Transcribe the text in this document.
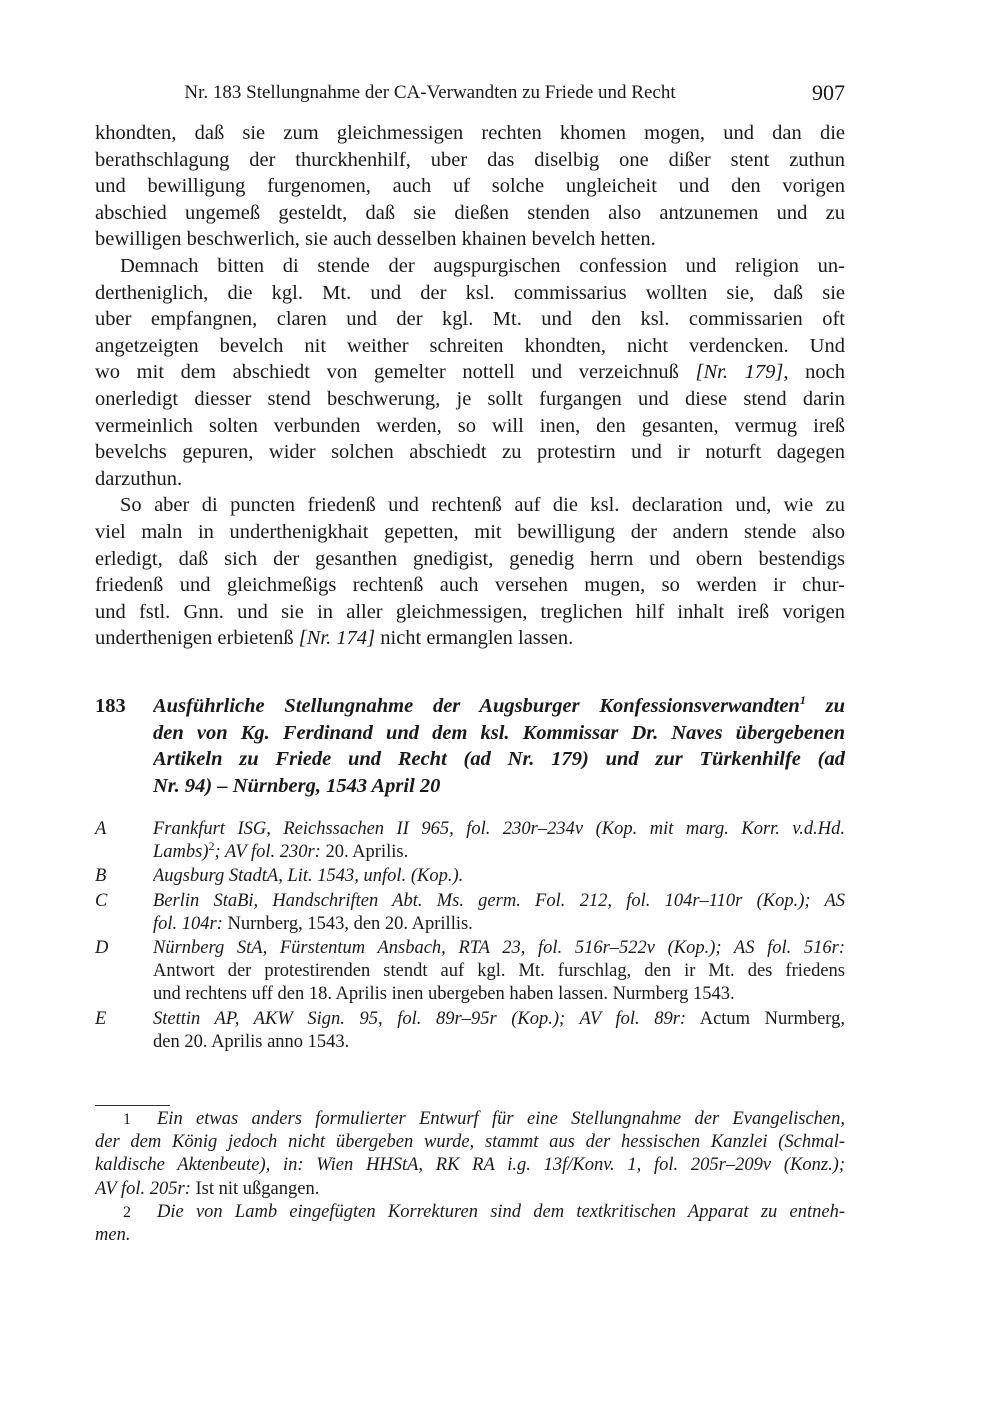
Nr. 183 Stellungnahme der CA-Verwandten zu Friede und Recht	907
khondten, daß sie zum gleichmessigen rechten khomen mogen, und dan die
berathschlagung der thurckhenhilf, uber das diselbig one dißer stent zuthun
und bewilligung furgenomen, auch uf solche ungleicheit und den vorigen
abschied ungemeß gesteldt, daß sie dießen stenden also antzunemen und zu
bewilligen beschwerlich, sie auch desselben khainen bevelch hetten.
Demnach bitten di stende der augspurgischen confession und religion un-
dertheniglich, die kgl. Mt. und der ksl. commissarius wollten sie, daß sie
uber empfangnen, claren und der kgl. Mt. und den ksl. commissarien oft
angetzeigten bevelch nit weither schreiten khondten, nicht verdencken. Und
wo mit dem abschiedt von gemelter nottell und verzeichnuß [Nr. 179], noch
onerledigt diesser stend beschwerung, je sollt furgangen und diese stend darin
vermeinlich solten verbunden werden, so will inen, den gesanten, vermug ireß
bevelchs gepuren, wider solchen abschiedt zu protestirn und ir noturft dagegen
darzuthun.
So aber di puncten friedenß und rechtenß auf die ksl. declaration und, wie zu
viel maln in underthenigkhait gepetten, mit bewilligung der andern stende also
erledigt, daß sich der gesanthen gnedigist, genedig herrn und obern bestendigs
friedenß und gleichmeßigs rechtenß auch versehen mugen, so werden ir chur-
und fstl. Gnn. und sie in aller gleichmessigen, treglichen hilf inhalt ireß vorigen
underthenigen erbietenß [Nr. 174] nicht ermanglen lassen.
183 Ausführliche Stellungnahme der Augsburger Konfessionsverwandten$^1$ zu
den von Kg. Ferdinand und dem ksl. Kommissar Dr. Naves übergebenen
Artikeln zu Friede und Recht (ad Nr. 179) und zur Türkenhilfe (ad
Nr. 94) – Nürnberg, 1543 April 20
A	Frankfurt ISG, Reichssachen II 965, fol. 230r–234v (Kop. mit marg. Korr. v.d.Hd.
Lambs)$^2$; AV fol. 230r: 20. Aprilis.
B	Augsburg StadtA, Lit. 1543, unfol. (Kop.).
C Berlin StaBi, Handschriften Abt. Ms. germ. Fol. 212, fol. 104r–110r (Kop.); AS
fol. 104r: Nurnberg, 1543, den 20. Aprillis.
D Nürnberg StA, Fürstentum Ansbach, RTA 23, fol. 516r–522v (Kop.); AS fol. 516r:
Antwort der protestirenden stendt auf kgl. Mt. furschlag, den ir Mt. des friedens
und rechtens uff den 18. Aprilis inen ubergeben haben lassen. Nurmberg 1543.
E	Stettin AP, AKW Sign. 95, fol. 89r–95r (Kop.); AV fol. 89r: Actum Nurmberg,
den 20. Aprilis anno 1543.
1 Ein etwas anders formulierter Entwurf für eine Stellungnahme der Evangelischen,
der dem König jedoch nicht übergeben wurde, stammt aus der hessischen Kanzlei (Schmal-
kaldische Aktenbeute), in: Wien HHStA, RK RA i.g. 13f/Konv. 1, fol. 205r–209v (Konz.);
AV fol. 205r: Ist nit ußgangen.
2 Die von Lamb eingefügten Korrekturen sind dem textkritischen Apparat zu entneh-
men.
